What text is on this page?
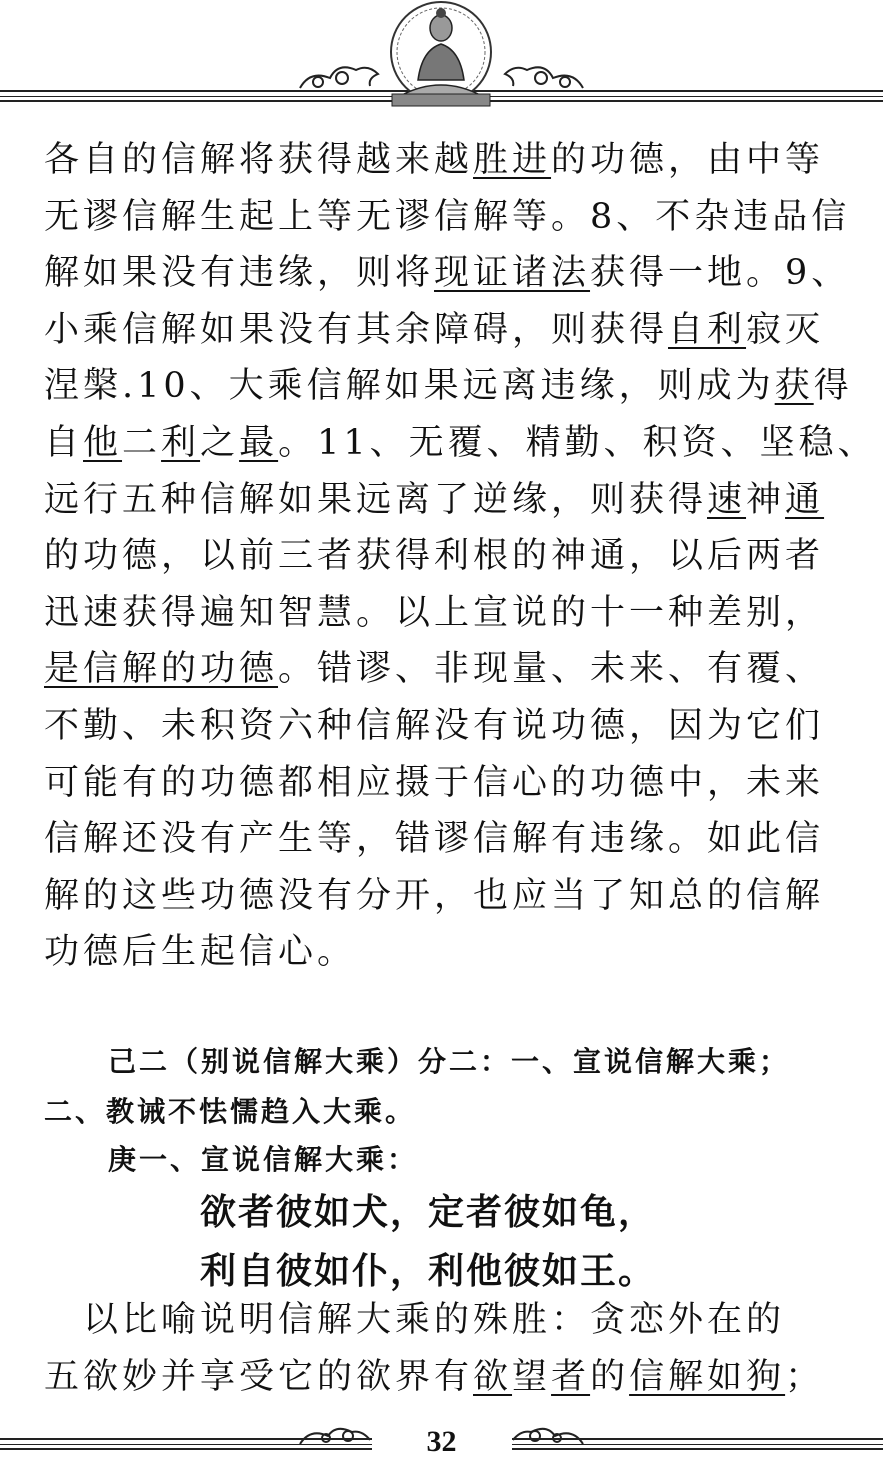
各自的信解将获得越来越胜进的功德，由中等
无谬信解生起上等无谬信解等。8、不杂违品信
解如果没有违缘，则将现证诸法获得一地。9、
小乘信解如果没有其余障碍，则获得自利寂灭
涅槃.10、大乘信解如果远离违缘，则成为获得
自他二利之最。11、无覆、精勤、积资、坚稳、
远行五种信解如果远离了逆缘，则获得速神通
的功德，以前三者获得利根的神通，以后两者
迅速获得遍知智慧。以上宣说的十一种差别，
是信解的功德。错谬、非现量、未来、有覆、
不勤、未积资六种信解没有说功德，因为它们
可能有的功德都相应摄于信心的功德中，未来
信解还没有产生等，错谬信解有违缘。如此信
解的这些功德没有分开，也应当了知总的信解
功德后生起信心。
己二（别说信解大乘）分二：一、宣说信解大乘；
二、教诫不怯懦趋入大乘。
庚一、宣说信解大乘：
欲者彼如犬，定者彼如龟，
利自彼如仆，利他彼如王。
　以比喻说明信解大乘的殊胜：贪恋外在的
五欲妙并享受它的欲界有欲望者的信解如狗；
32
